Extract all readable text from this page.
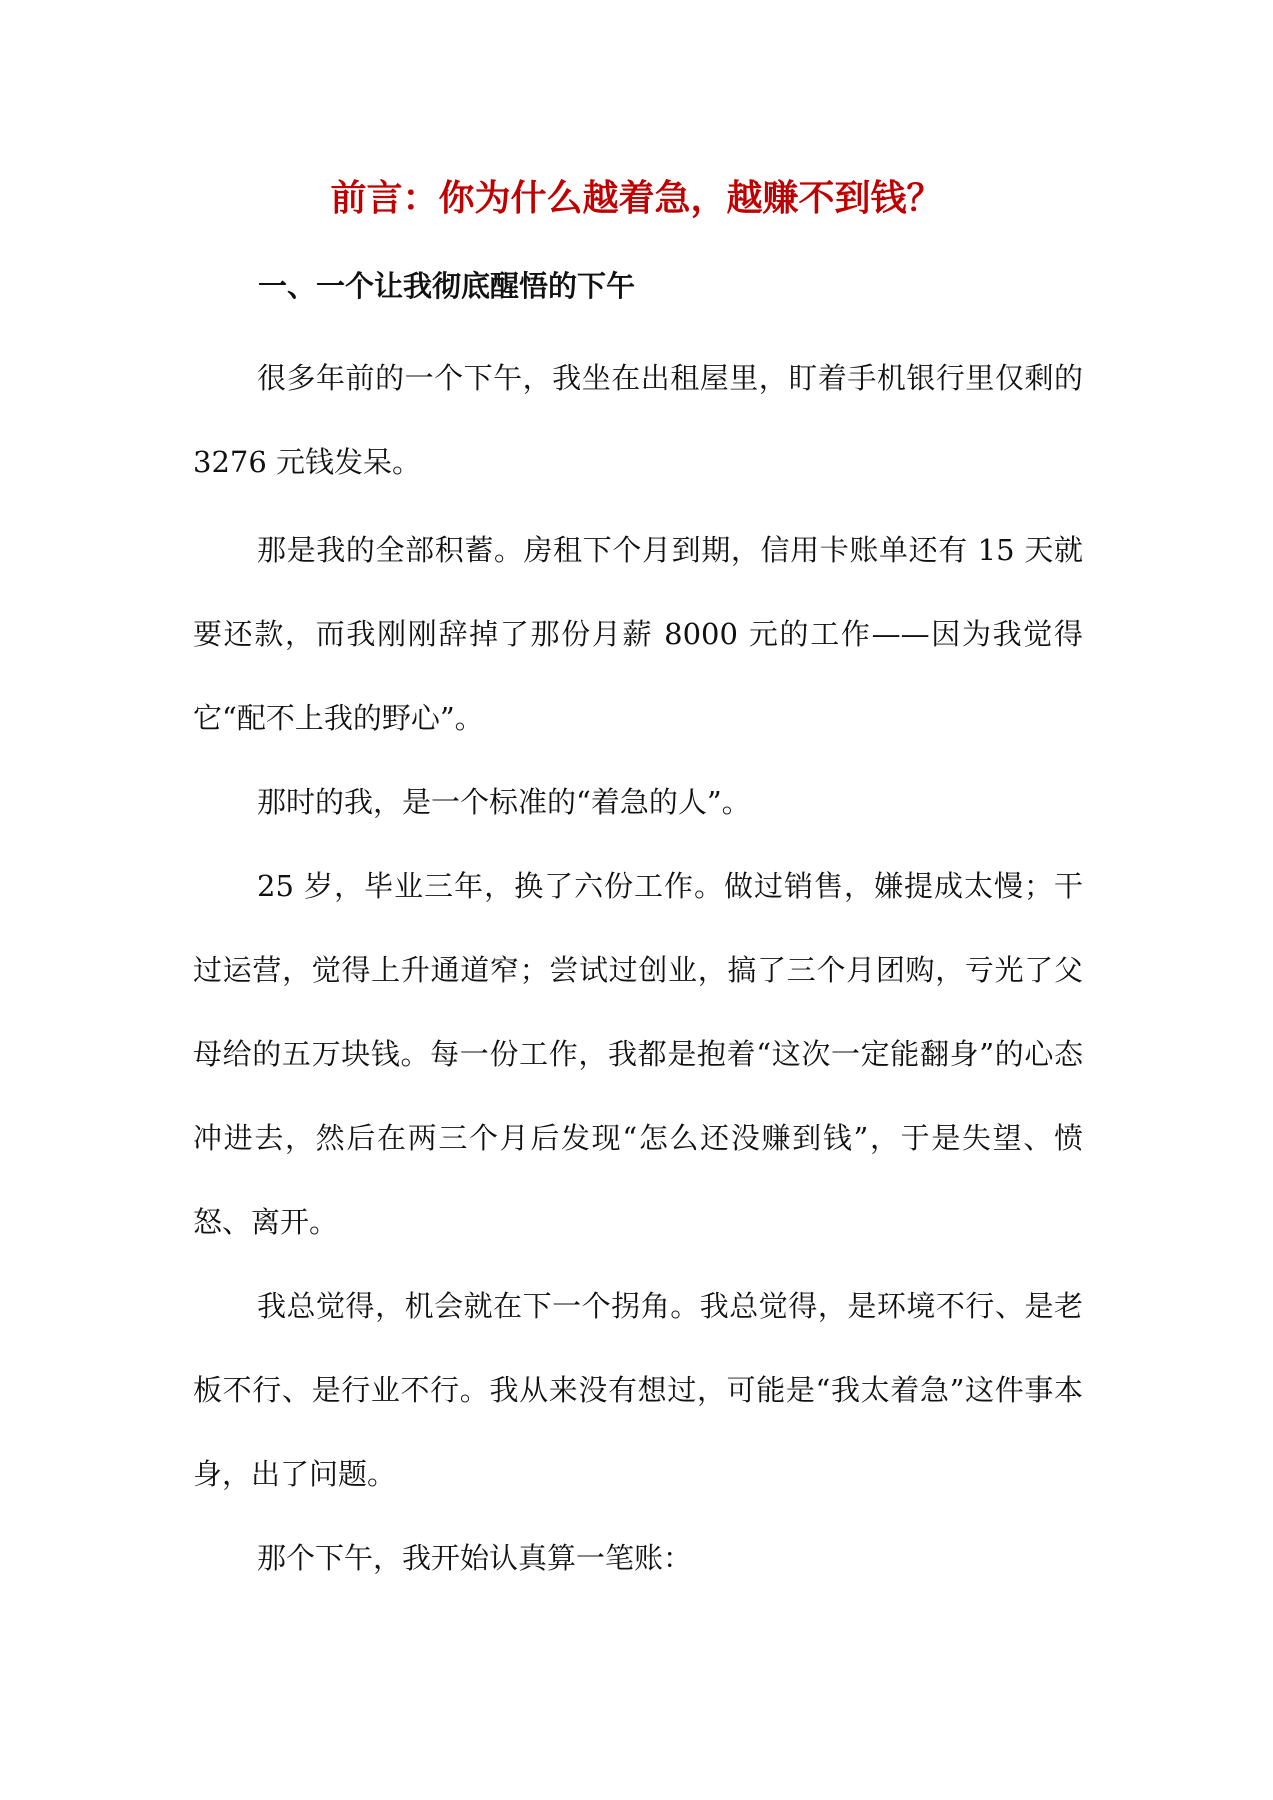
前言：你为什么越着急，越赚不到钱？
一、一个让我彻底醒悟的下午

很多年前的一个下午，我坐在出租屋里，盯着手机银行里仅剩的 3276 元钱发呆。

那是我的全部积蓄。房租下个月到期，信用卡账单还有 15 天就要还款，而我刚刚辞掉了那份月薪 8000 元的工作——因为我觉得它“配不上我的野心”。

那时的我，是一个标准的“着急的人”。

25 岁，毕业三年，换了六份工作。做过销售，嫌提成太慢；干过运营，觉得上升通道窄；尝试过创业，搞了三个月团购，亏光了父母给的五万块钱。每一份工作，我都是抱着“这次一定能翻身”的心态冲进去，然后在两三个月后发现“怎么还没赚到钱”，于是失望、愤怒、离开。

我总觉得，机会就在下一个拐角。我总觉得，是环境不行、是老板不行、是行业不行。我从来没有想过，可能是“我太着急”这件事本身，出了问题。

那个下午，我开始认真算一笔账：
